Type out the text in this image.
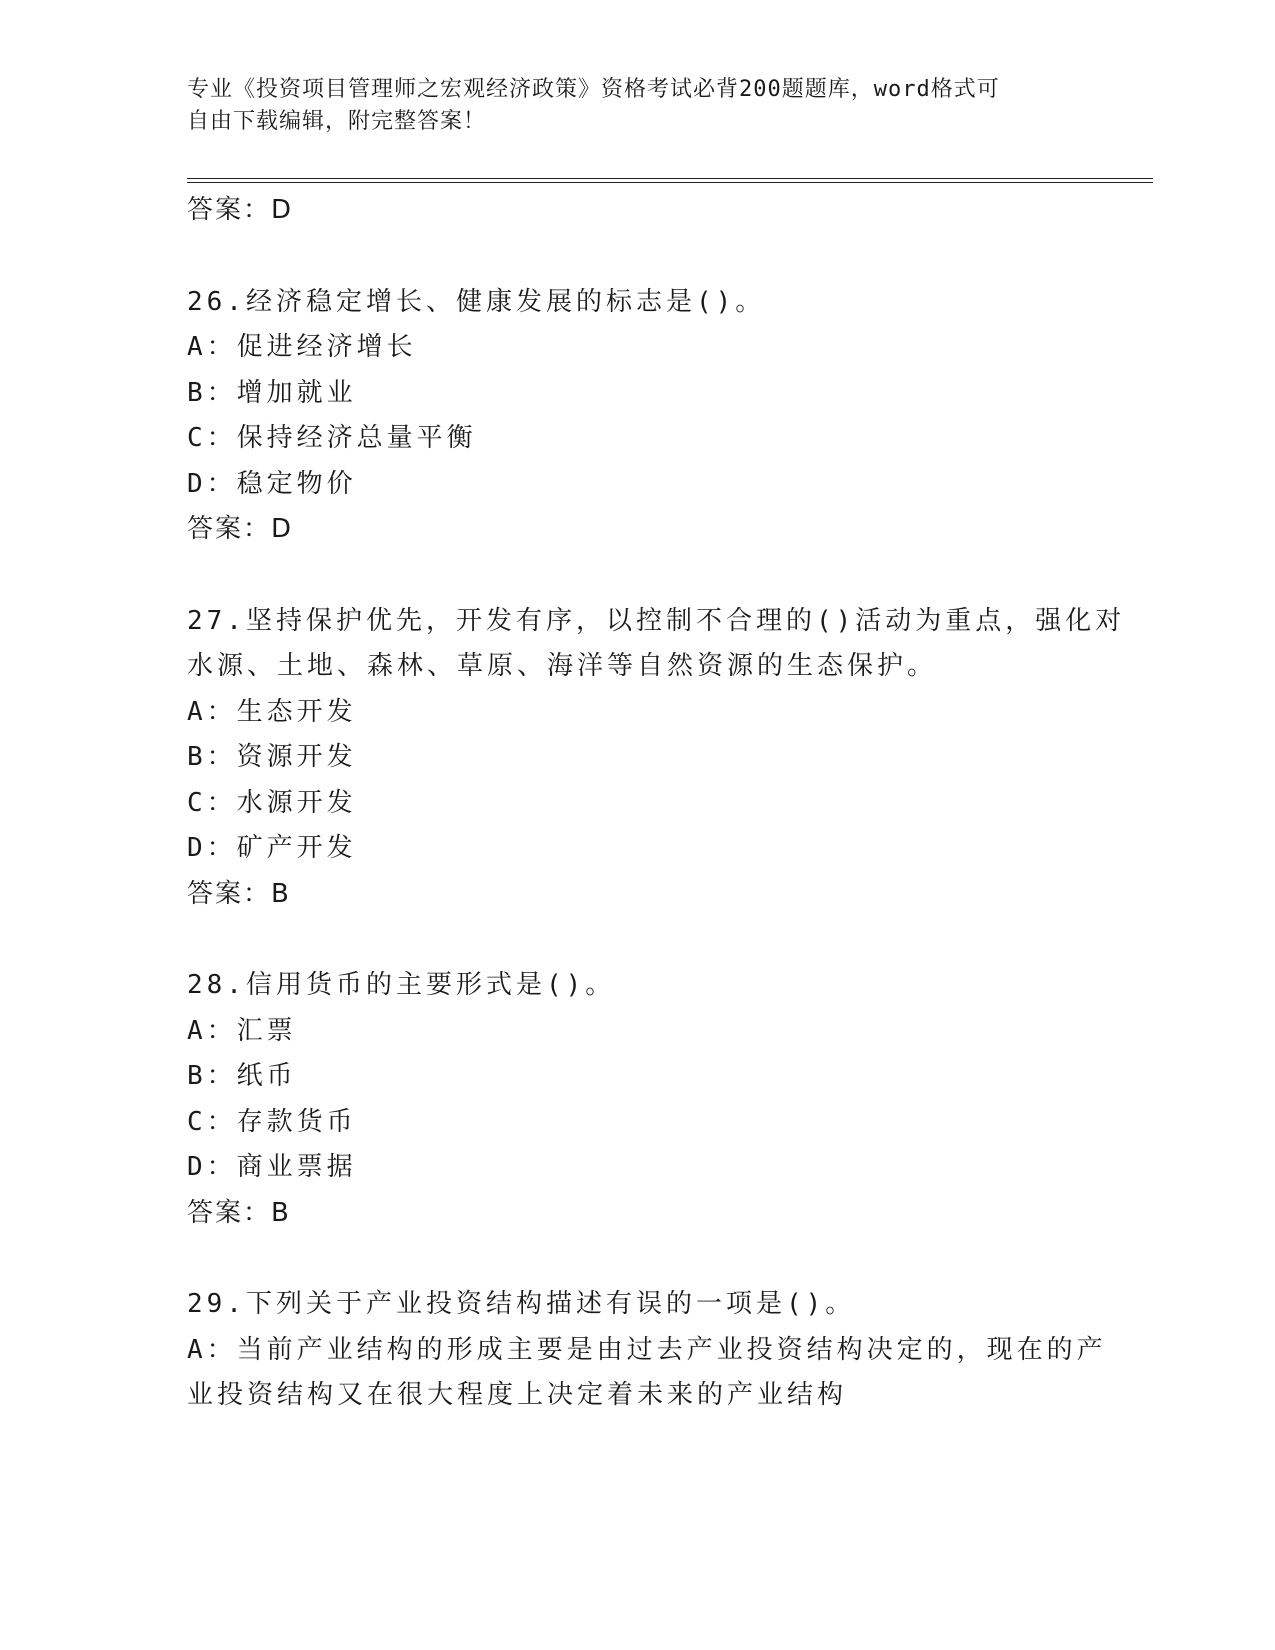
专业《投资项目管理师之宏观经济政策》资格考试必背200题题库，word格式可
自由下载编辑，附完整答案！

答案：D

26.经济稳定增长、健康发展的标志是()。

A：促进经济增长

B：增加就业

C：保持经济总量平衡

D：稳定物价

答案：D

27.坚持保护优先，开发有序，以控制不合理的()活动为重点，强化对

水源、土地、森林、草原、海洋等自然资源的生态保护。

A：生态开发

B：资源开发

C：水源开发

D：矿产开发

答案：B

28.信用货币的主要形式是()。

A：汇票

B：纸币

C：存款货币

D：商业票据

答案：B

29.下列关于产业投资结构描述有误的一项是()。

A：当前产业结构的形成主要是由过去产业投资结构决定的，现在的产

业投资结构又在很大程度上决定着未来的产业结构
